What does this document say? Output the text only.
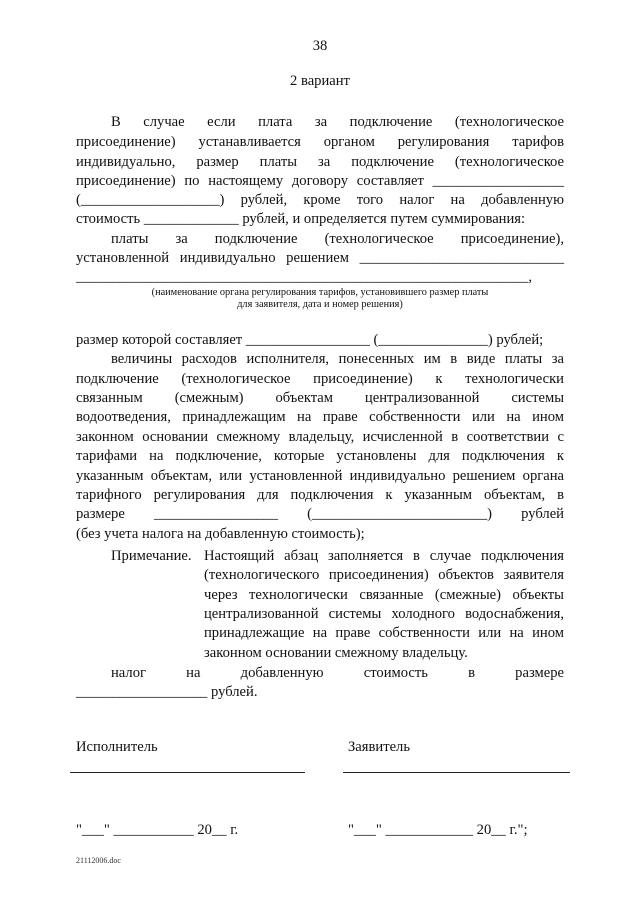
38
2 вариант
В случае если плата за подключение (технологическое
присоединение) устанавливается органом регулирования тарифов
индивидуально, размер платы за подключение (технологическое
присоединение) по настоящему договору составляет __________________
(___________________) рублей, кроме того налог на добавленную
стоимость _____________ рублей, и определяется путем суммирования:
платы за подключение (технологическое присоединение),
установленной индивидуально решением ____________________________
______________________________________________________________,
(наименование органа регулирования тарифов, установившего размер платы
для заявителя, дата и номер решения)
размер которой составляет _________________ (_______________) рублей;
величины расходов исполнителя, понесенных им в виде платы за
подключение (технологическое присоединение) к технологически
связанным (смежным) объектам централизованной системы
водоотведения, принадлежащим на праве собственности или на ином
законном основании смежному владельцу, исчисленной в соответствии с
тарифами на подключение, которые установлены для подключения к
указанным объектам, или установленной индивидуально решением органа
тарифного регулирования для подключения к указанным объектам, в
размере _________________ (________________________) рублей
(без учета налога на добавленную стоимость);
Примечание. Настоящий абзац заполняется в случае подключения
(технологического присоединения) объектов заявителя
через технологически связанные (смежные) объекты
централизованной системы холодного водоснабжения,
принадлежащие на праве собственности или на ином
законном основании смежному владельцу.
налог на добавленную стоимость в размере
__________________ рублей.
Исполнитель	Заявитель
"___" ___________ 20__ г.	"___" ____________ 20__ г.";
21112006.doc
